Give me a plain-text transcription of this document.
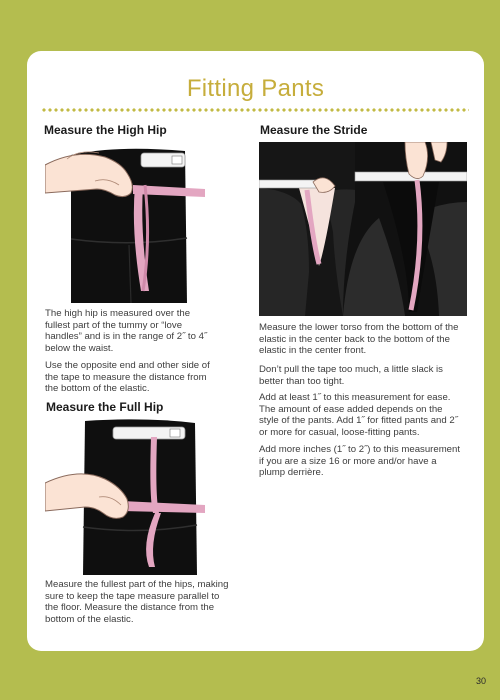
Fitting Pants
Measure the High Hip

The high hip is measured over the fullest part of the tummy or “love handles” and is in the range of 2˝ to 4˝ below the waist.

Use the opposite end and other side of the tape to measure the distance from the bottom of the elastic.

Measure the Full Hip

Measure the fullest part of the hips, making sure to keep the tape measure parallel to the floor. Measure the distance from the bottom of the elastic.

Measure the Stride

Measure the lower torso from the bottom of the elastic in the center back to the bottom of the elastic in the center front.

Don’t pull the tape too much, a little slack is better than too tight.

Add at least 1˝ to this measurement for ease. The amount of ease added depends on the style of the pants. Add 1˝ for fitted pants and 2˝ or more for casual, loose-fitting pants.

Add more inches (1˝ to 2˝) to this measurement if you are a size 16 or more and/or have a plump derrière.

30
